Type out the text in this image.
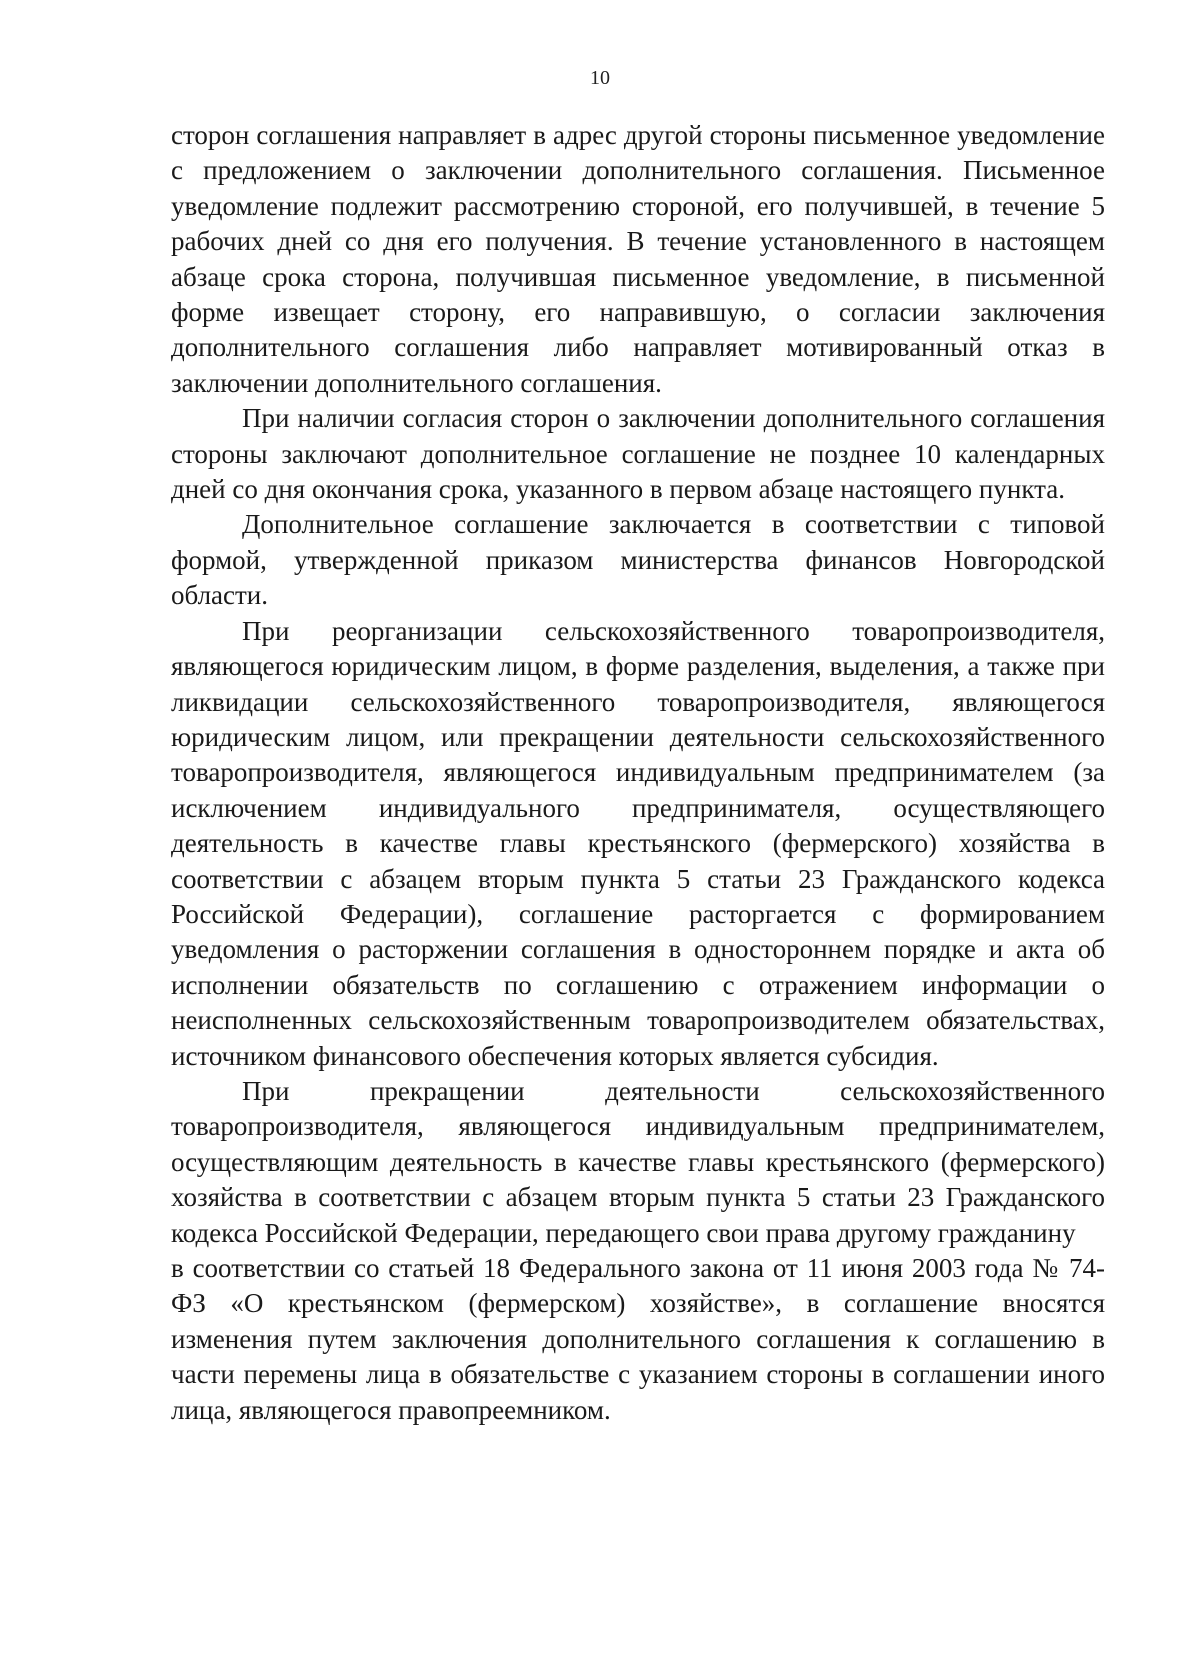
10

сторон соглашения направляет в адрес другой стороны письменное уведомление с предложением о заключении дополнительного соглашения. Письменное уведомление подлежит рассмотрению стороной, его получившей, в течение 5 рабочих дней со дня его получения. В течение установленного в настоящем абзаце срока сторона, получившая письменное уведомление, в письменной форме извещает сторону, его направившую, о согласии заключения дополнительного соглашения либо направляет мотивированный отказ в заключении дополнительного соглашения.

При наличии согласия сторон о заключении дополнительного соглашения стороны заключают дополнительное соглашение не позднее 10 календарных дней со дня окончания срока, указанного в первом абзаце настоящего пункта.

Дополнительное соглашение заключается в соответствии с типовой формой, утвержденной приказом министерства финансов Новгородской области.

При реорганизации сельскохозяйственного товаропроизводителя, являющегося юридическим лицом, в форме разделения, выделения, а также при ликвидации сельскохозяйственного товаропроизводителя, являющегося юридическим лицом, или прекращении деятельности сельскохозяйственного товаропроизводителя, являющегося индивидуальным предпринимателем (за исключением индивидуального предпринимателя, осуществляющего деятельность в качестве главы крестьянского (фермерского) хозяйства в соответствии с абзацем вторым пункта 5 статьи 23 Гражданского кодекса Российской Федерации), соглашение расторгается с формированием уведомления о расторжении соглашения в одностороннем порядке и акта об исполнении обязательств по соглашению с отражением информации о неисполненных сельскохозяйственным товаропроизводителем обязательствах, источником финансового обеспечения которых является субсидия.

При прекращении деятельности сельскохозяйственного товаропроизводителя, являющегося индивидуальным предпринимателем, осуществляющим деятельность в качестве главы крестьянского (фермерского) хозяйства в соответствии с абзацем вторым пункта 5 статьи 23 Гражданского кодекса Российской Федерации, передающего свои права другому гражданину

в соответствии со статьей 18 Федерального закона от 11 июня 2003 года № 74-ФЗ «О крестьянском (фермерском) хозяйстве», в соглашение вносятся изменения путем заключения дополнительного соглашения к соглашению в части перемены лица в обязательстве с указанием стороны в соглашении иного лица, являющегося правопреемником.
